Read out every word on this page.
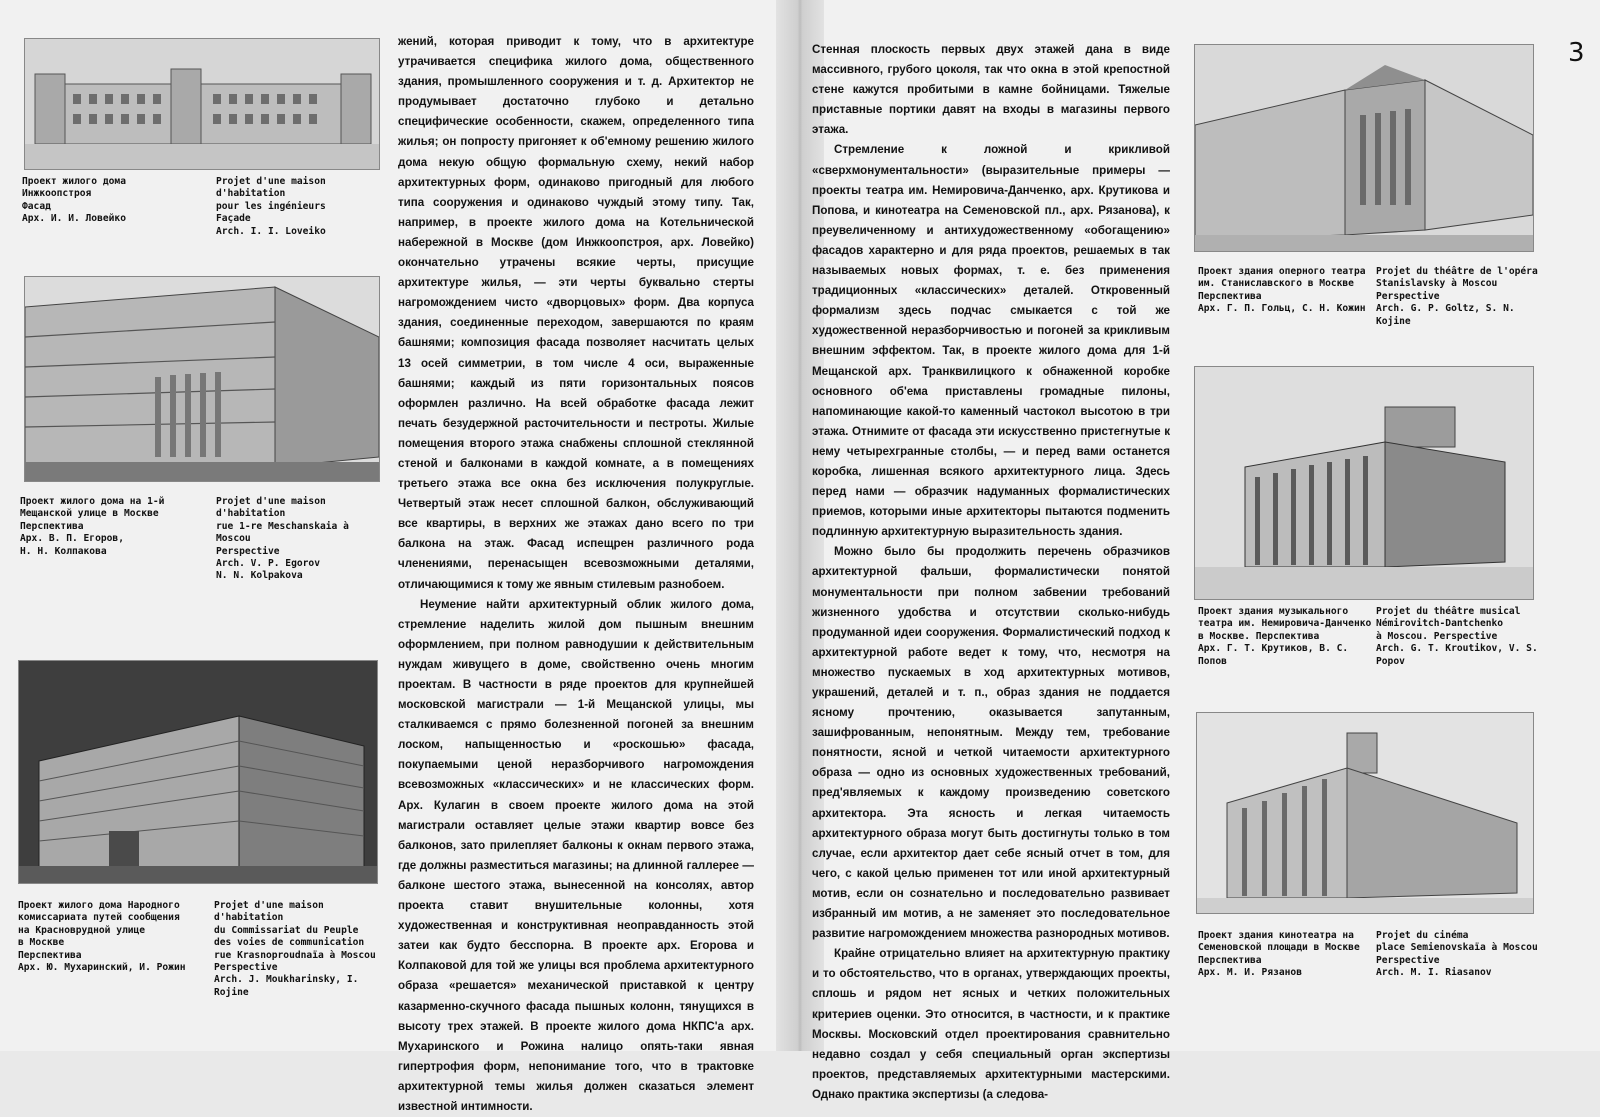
Проект жилого дома
Инжкоопстроя
Фасад
Арх. И. И. Ловейко
Projet d'une maison d'habitation
pour les ingénieurs
Façade
Arch. I. I. Loveiko
Проект жилого дома на 1-й
Мещанской улице в Москве
Перспектива
Арх. В. П. Егоров,
Н. Н. Колпакова
Projet d'une maison d'habitation
rue 1-re Meschanskaia à Moscou
Perspective
Arch. V. P. Egorov
N. N. Kolpakova
Проект жилого дома Народного
комиссариата путей сообщения
на Красноврудной улице
в Москве
Перспектива
Арх. Ю. Мухаринский, И. Рожин
Projet d'une maison d'habitation
du Commissariat du Peuple
des voies de communication
rue Krasnoproudnaïa à Moscou
Perspective
Arch. J. Moukharinsky, I. Rojine

жений, которая приводит к тому, что в архитектуре утрачивается специфика жилого дома, общественного здания, промышленного сооружения и т. д. Архитектор не продумывает достаточно глубоко и детально специфические особенности, скажем, определенного типа жилья; он попросту пригоняет к об'емному решению жилого дома некую общую формальную схему, некий набор архитектурных форм, одинаково пригодный для любого типа сооружения и одинаково чуждый этому типу. Так, например, в проекте жилого дома на Котельнической набережной в Москве (дом Инжкоопстроя, арх. Ловейко) окончательно утрачены всякие черты, присущие архитектуре жилья, — эти черты буквально стерты нагромождением чисто «дворцовых» форм. Два корпуса здания, соединенные переходом, завершаются по краям башнями; композиция фасада позволяет насчитать целых 13 осей симметрии, в том числе 4 оси, выраженные башнями; каждый из пяти горизонтальных поясов оформлен различно. На всей обработке фасада лежит печать безудержной расточительности и пестроты. Жилые помещения второго этажа снабжены сплошной стеклянной стеной и балконами в каждой комнате, а в помещениях третьего этажа все окна без исключения полукруглые. Четвертый этаж несет сплошной балкон, обслуживающий все квартиры, в верхних же этажах дано всего по три балкона на этаж. Фасад испещрен различного рода членениями, перенасыщен всевозможными деталями, отличающимися к тому же явным стилевым разнобоем.

Неумение найти архитектурный облик жилого дома, стремление наделить жилой дом пышным внешним оформлением, при полном равнодушии к действительным нуждам живущего в доме, свойственно очень многим проектам. В частности в ряде проектов для крупнейшей московской магистрали — 1-й Мещанской улицы, мы сталкиваемся с прямо болезненной погоней за внешним лоском, напыщенностью и «роскошью» фасада, покупаемыми ценой неразборчивого нагромождения всевозможных «классических» и не классических форм. Арх. Кулагин в своем проекте жилого дома на этой магистрали оставляет целые этажи квартир вовсе без балконов, зато прилепляет балконы к окнам первого этажа, где должны разместиться магазины; на длинной галлерее — балконе шестого этажа, вынесенной на консолях, автор проекта ставит внушительные колонны, хотя художественная и конструктивная неоправданность этой затеи как будто бесспорна. В проекте арх. Егорова и Колпаковой для той же улицы вся проблема архитектурного образа «решается» механической приставкой к центру казарменно-скучного фасада пышных колонн, тянущихся в высоту трех этажей. В проекте жилого дома НКПС'а арх. Мухаринского и Рожина налицо опять-таки явная гипертрофия форм, непонимание того, что в трактовке архитектурной темы жилья должен сказаться элемент известной интимности.

Стенная плоскость первых двух этажей дана в виде массивного, грубого цоколя, так что окна в этой крепостной стене кажутся пробитыми в камне бойницами. Тяжелые приставные портики давят на входы в магазины первого этажа.

Стремление к ложной и крикливой «сверхмонументальности» (выразительные примеры — проекты театра им. Немировича-Данченко, арх. Крутикова и Попова, и кинотеатра на Семеновской пл., арх. Рязанова), к преувеличенному и антихудожественному «обогащению» фасадов характерно и для ряда проектов, решаемых в так называемых новых формах, т. е. без применения традиционных «классических» деталей. Откровенный формализм здесь подчас смыкается с той же художественной неразборчивостью и погоней за крикливым внешним эффектом. Так, в проекте жилого дома для 1-й Мещанской арх. Транквилицкого к обнаженной коробке основного об'ема приставлены громадные пилоны, напоминающие какой-то каменный частокол высотою в три этажа. Отнимите от фасада эти искусственно пристегнутые к нему четырехгранные столбы, — и перед вами останется коробка, лишенная всякого архитектурного лица. Здесь перед нами — образчик надуманных формалистических приемов, которыми иные архитекторы пытаются подменить подлинную архитектурную выразительность здания.

Можно было бы продолжить перечень образчиков архитектурной фальши, формалистически понятой монументальности при полном забвении требований жизненного удобства и отсутствии сколько-нибудь продуманной идеи сооружения. Формалистический подход к архитектурной работе ведет к тому, что, несмотря на множество пускаемых в ход архитектурных мотивов, украшений, деталей и т. п., образ здания не поддается ясному прочтению, оказывается запутанным, зашифрованным, непонятным. Между тем, требование понятности, ясной и четкой читаемости архитектурного образа — одно из основных художественных требований, пред'являемых к каждому произведению советского архитектора. Эта ясность и легкая читаемость архитектурного образа могут быть достигнуты только в том случае, если архитектор дает себе ясный отчет в том, для чего, с какой целью применен тот или иной архитектурный мотив, если он сознательно и последовательно развивает избранный им мотив, а не заменяет это последовательное развитие нагромождением множества разнородных мотивов.

Крайне отрицательно влияет на архитектурную практику и то обстоятельство, что в органах, утверждающих проекты, сплошь и рядом нет ясных и четких положительных критериев оценки. Это относится, в частности, и к практике Москвы. Московский отдел проектирования сравнительно недавно создал у себя специальный орган экспертизы проектов, представляемых архитектурными мастерскими. Однако практика экспертизы (а следова-

Проект здания оперного театра
им. Станиславского в Москве
Перспектива
Арх. Г. П. Гольц, С. Н. Кожин
Projet du théâtre de l'opéra
Stanislavsky à Moscou
Perspective
Arch. G. P. Goltz, S. N. Kojine
Проект здания музыкального
театра им. Немировича-Данченко
в Москве. Перспектива
Арх. Г. Т. Крутиков, В. С. Попов
Projet du théâtre musical
Némirovitch-Dantchenko
à Moscou. Perspective
Arch. G. T. Kroutikov, V. S. Popov
Проект здания кинотеатра на
Семеновской площади в Москве
Перспектива
Арх. М. И. Рязанов
Projet du cinéma
place Semienovskaïa à Moscou
Perspective
Arch. M. I. Riasanov
3
